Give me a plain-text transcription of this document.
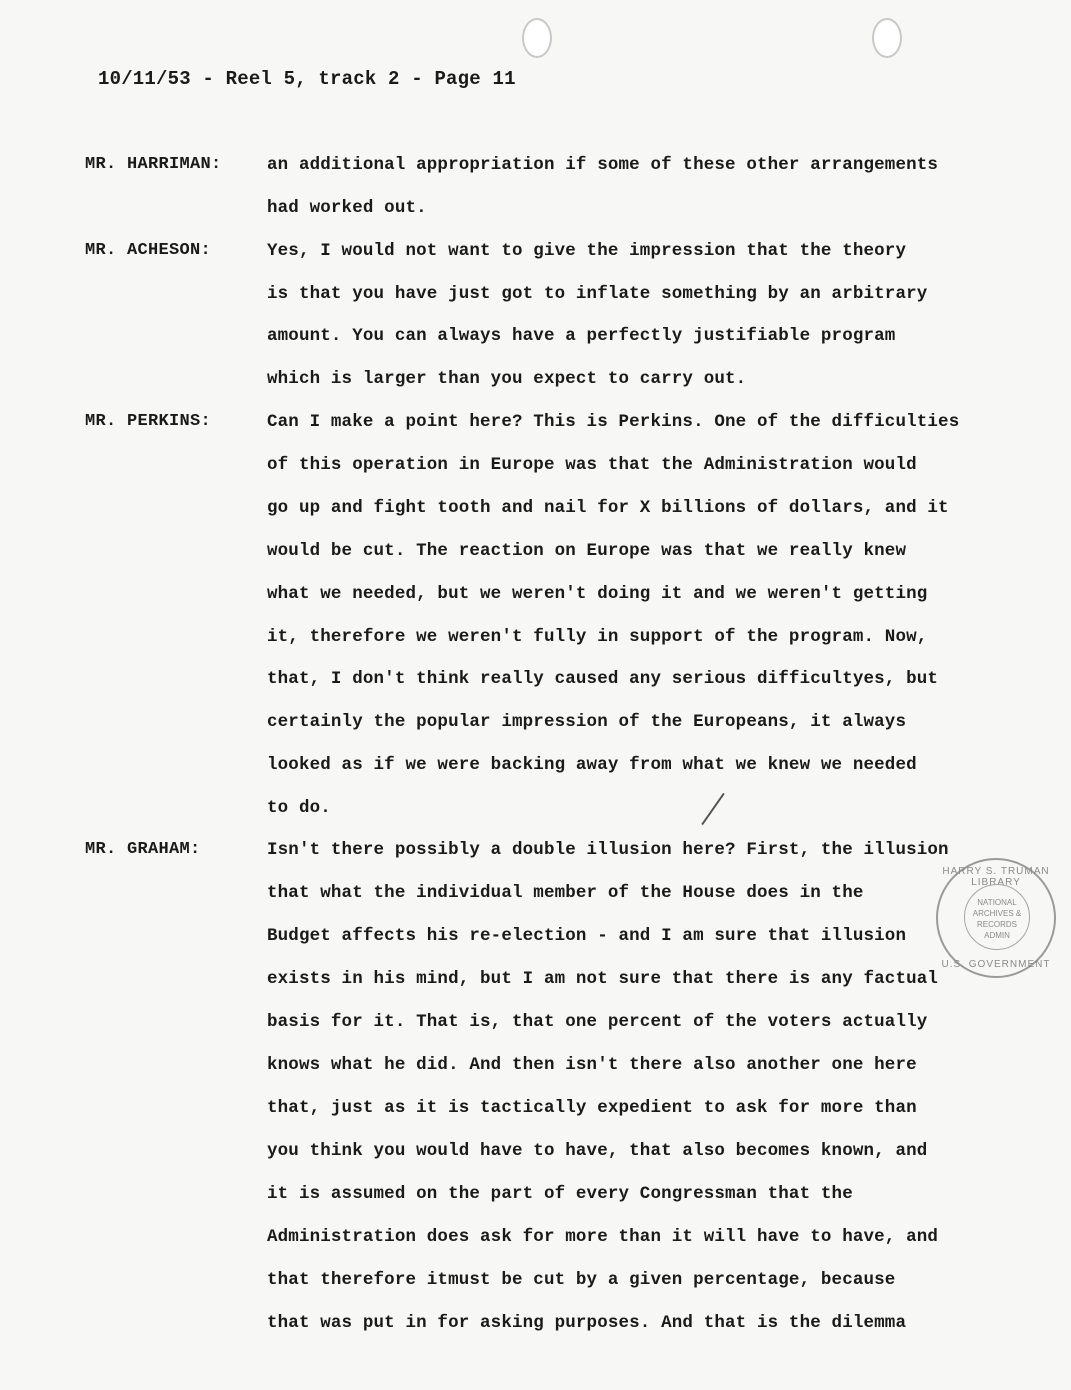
10/11/53 - Reel 5, track 2 - Page 11
MR. HARRIMAN:
MR. ACHESON:
MR. PERKINS:
MR. GRAHAM:
an additional appropriation if some of these other arrangements
had worked out.
Yes, I would not want to give the impression that the theory
is that you have just got to inflate something by an arbitrary
amount. You can always have a perfectly justifiable program
which is larger than you expect to carry out.
Can I make a point here? This is Perkins. One of the difficulties
of this operation in Europe was that the Administration would
go up and fight tooth and nail for X billions of dollars, and it
would be cut. The reaction on Europe was that we really knew
what we needed, but we weren't doing it and we weren't getting
it, therefore we weren't fully in support of the program. Now,
that, I don't think really caused any serious difficultyes, but
certainly the popular impression of the Europeans, it always
looked as if we were backing away from what we knew we needed
to do.
Isn't there possibly a double illusion here? First, the illusion
that what the individual member of the House does in the
Budget affects his re-election - and I am sure that illusion
exists in his mind, but I am not sure that there is any factual
basis for it. That is, that one percent of the voters actually
knows what he did. And then isn't there also another one here
that, just as it is tactically expedient to ask for more than
you think you would have to have, that also becomes known, and
it is assumed on the part of every Congressman that the
Administration does ask for more than it will have to have, and
that therefore itmust be cut by a given percentage, because
that was put in for asking purposes. And that is the dilemma
HARRY S. TRUMAN LIBRARY
NATIONAL
ARCHIVES &
RECORDS
ADMIN
U.S. GOVERNMENT
